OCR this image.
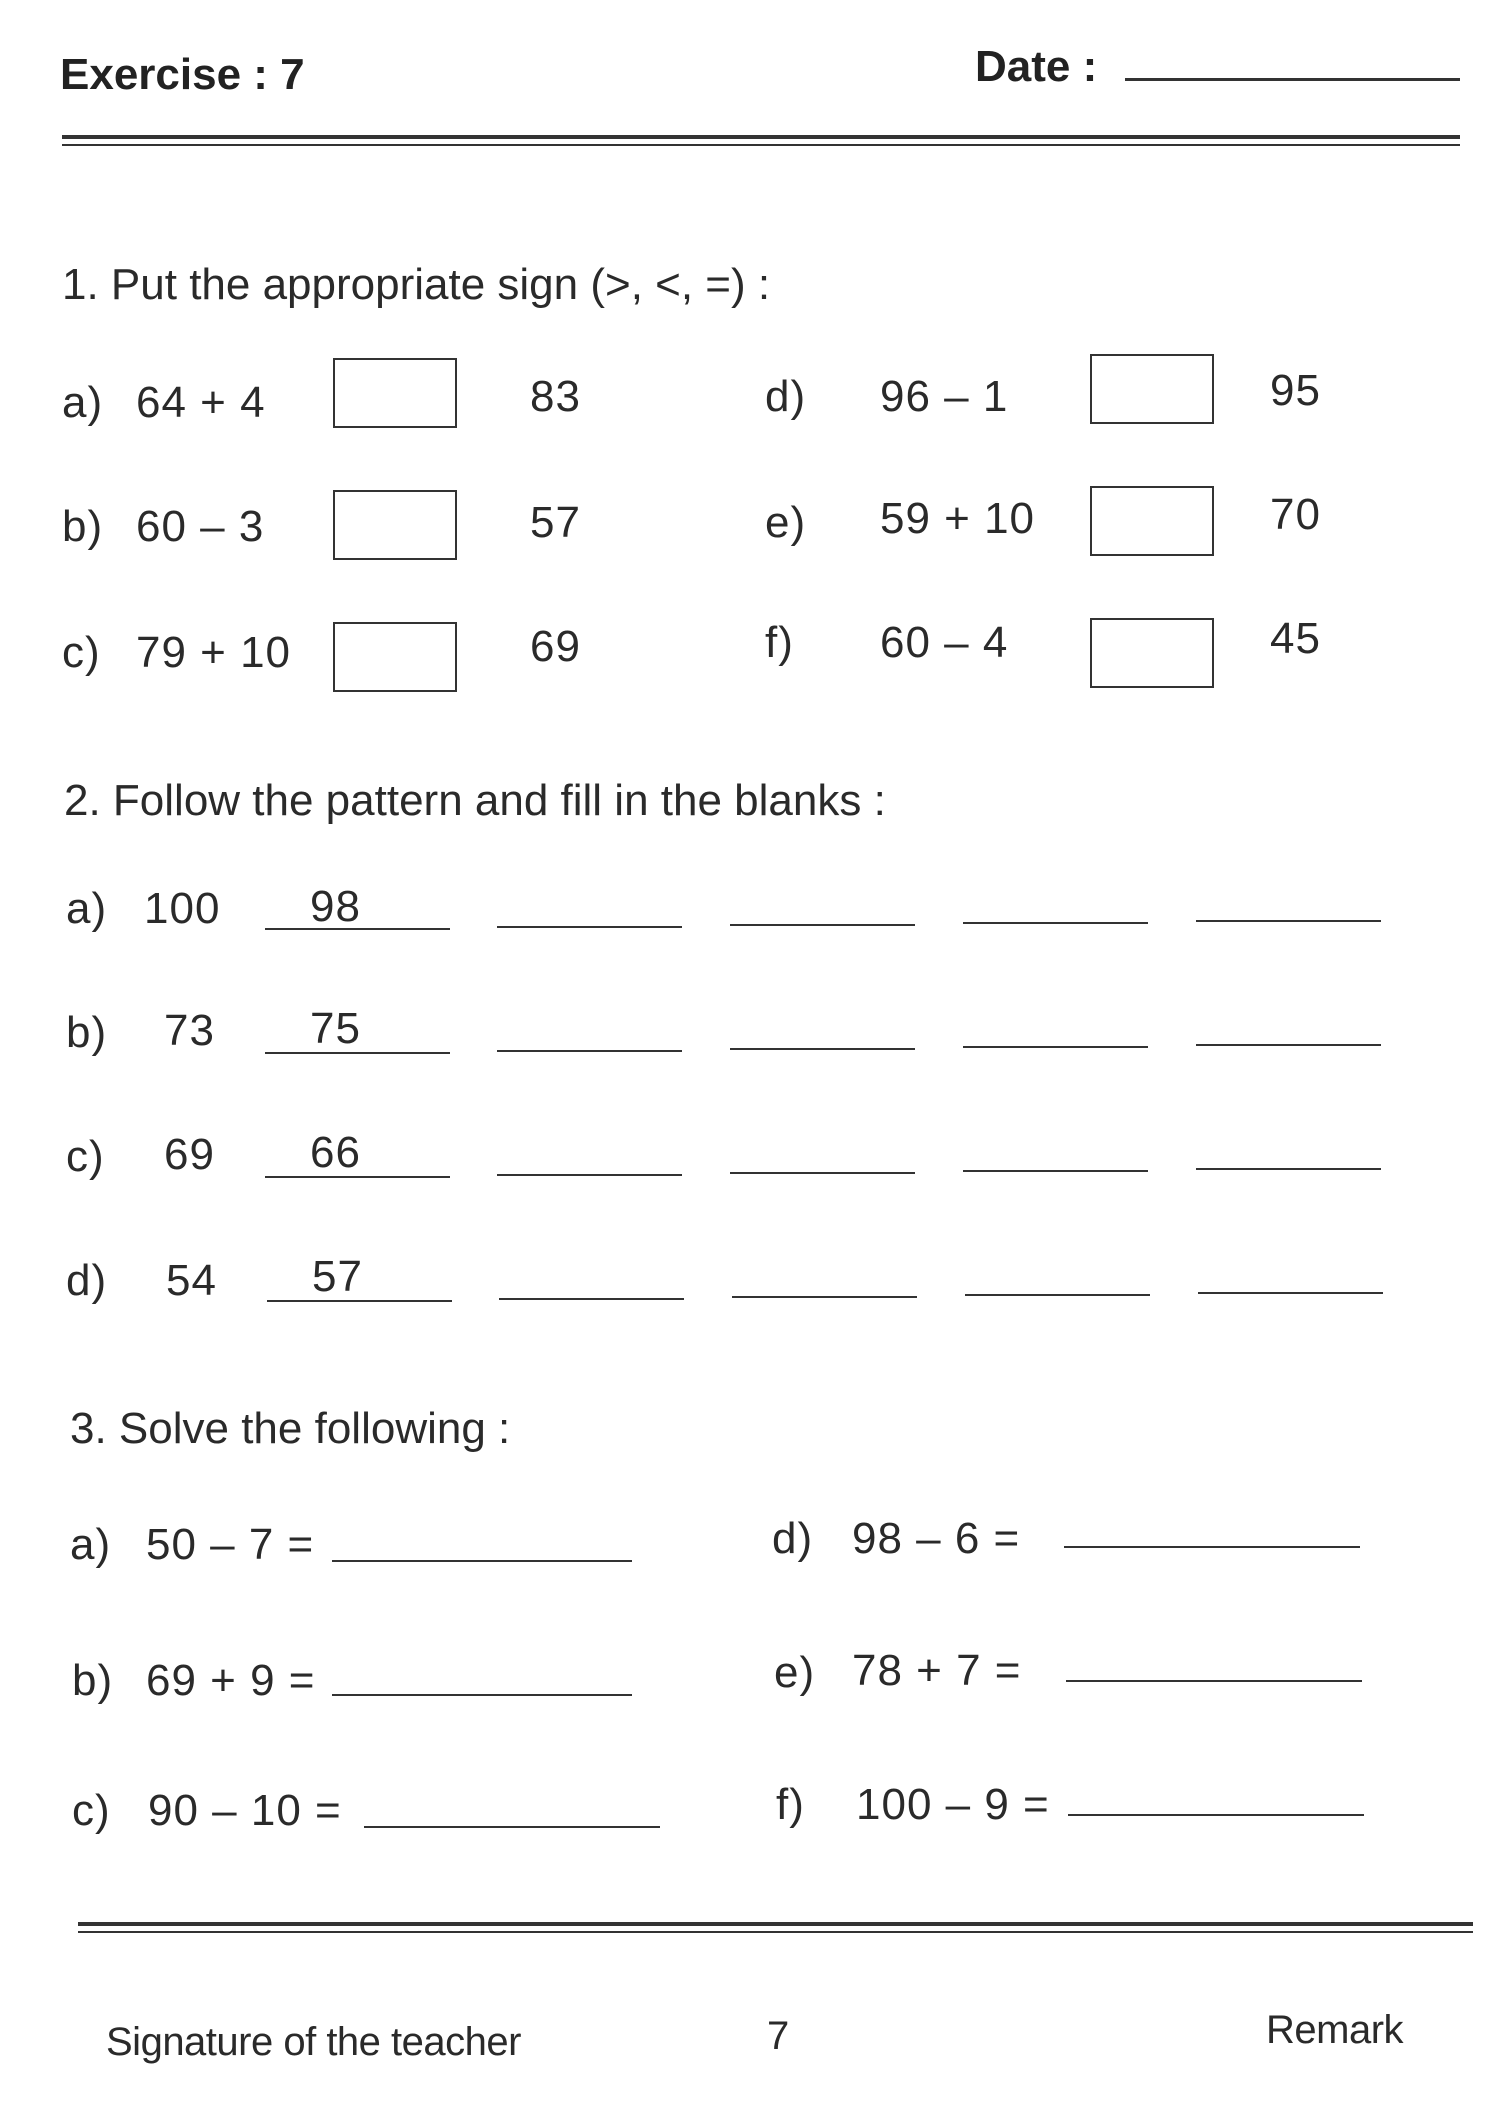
Exercise : 7	Date :
1. Put the appropriate sign (>, <, =) :
a) 64 + 4	83
b) 60 – 3	57
c) 79 + 10	69
d) 96 – 1	95
e) 59 + 10	70
f) 60 – 4	45
2. Follow the pattern and fill in the blanks :
a) 100 98
b) 73 75
c) 69 66
d) 54 57
3. Solve the following :
a) 50 – 7 =
b) 69 + 9 =
c) 90 – 10 =
d) 98 – 6 =
e) 78 + 7 =
f) 100 – 9 =
Signature of the teacher	7	Remark
